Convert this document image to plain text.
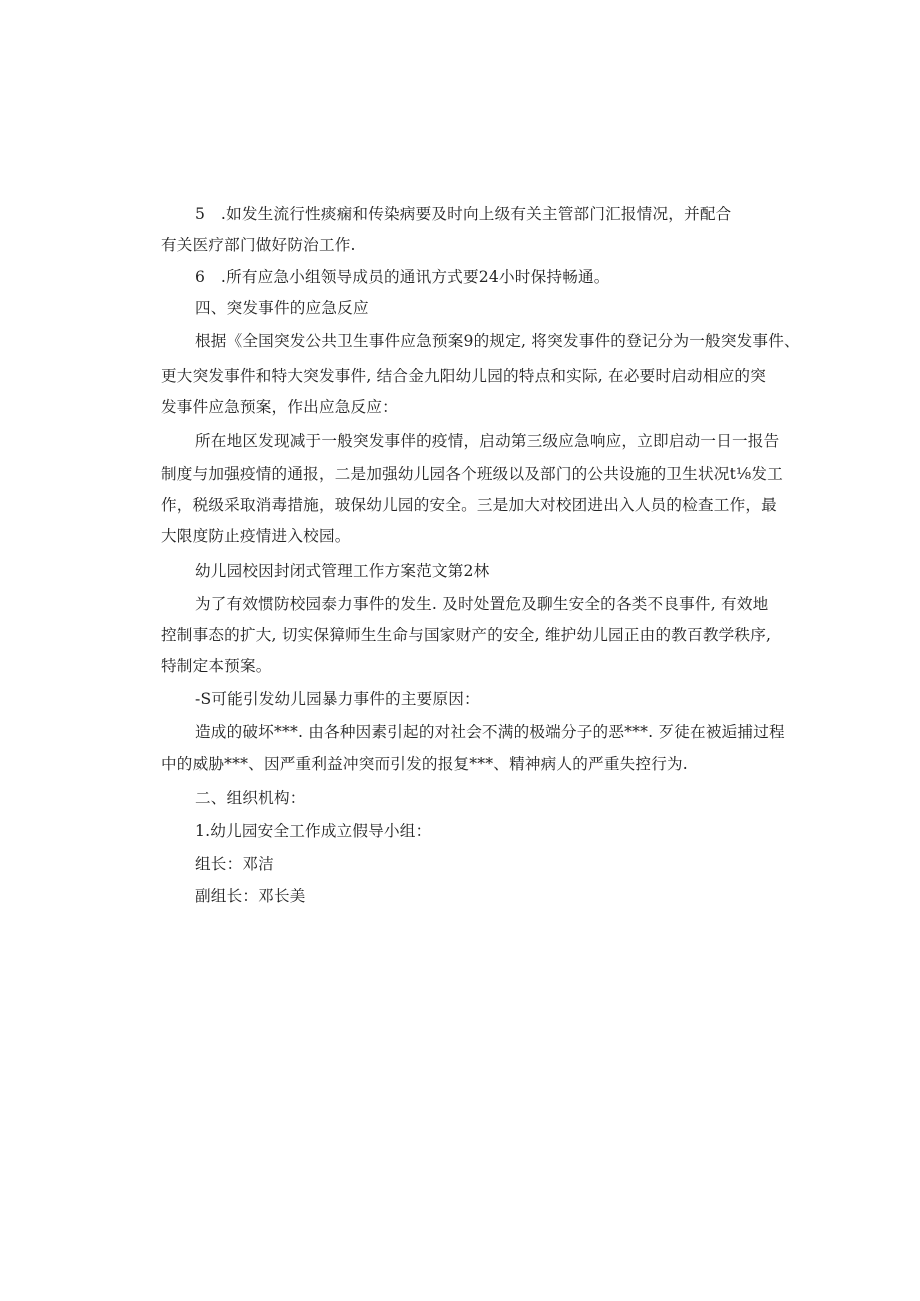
5　.如发生流行性痰痫和传染病要及时向上级有关主管部门汇报情况，并配合
有关医疗部门做好防治工作.
6　.所有应急小组领导成员的通讯方式要24小时保持畅通。
四、突发事件的应急反应
根据《全国突发公共卫生事件应急预案9的规定, 将突发事件的登记分为一般突发事件、
更大突发事件和特大突发事件, 结合金九阳幼儿园的特点和实际, 在必要时启动相应的突
发事件应急预案，作出应急反应：
所在地区发现减于一般突发事伴的疫情，启动第三级应急响应，立即启动一日一报告
制度与加强疫情的通报，二是加强幼儿园各个班级以及部门的公共设施的卫生状况t⅛发工
作，税级采取消毒措施，玻保幼儿园的安全。三是加大对校团进出入人员的检查工作，最
大限度防止疫情进入校园。
幼儿园校因封闭式管理工作方案范文第2林
为了有效惯防校园泰力事件的发生. 及时处置危及聊生安全的各类不良事件, 有效地
控制事态的扩大, 切实保獐师生生命与国家财产的安全, 维护幼儿园正由的教百教学秩序,
特制定本预案。
-S可能引发幼儿园暴力事件的主要原因：
造成的破坏***. 由各种因素引起的对社会不满的极端分子的恶***. 歹徒在被逅捕过程
中的威胁***、因严重利益冲突而引发的报复***、精神病人的严重失控行为.
二、组织机构：
1.幼儿园安全工作成立假导小组：
组长：邓洁
副组长：邓长美
